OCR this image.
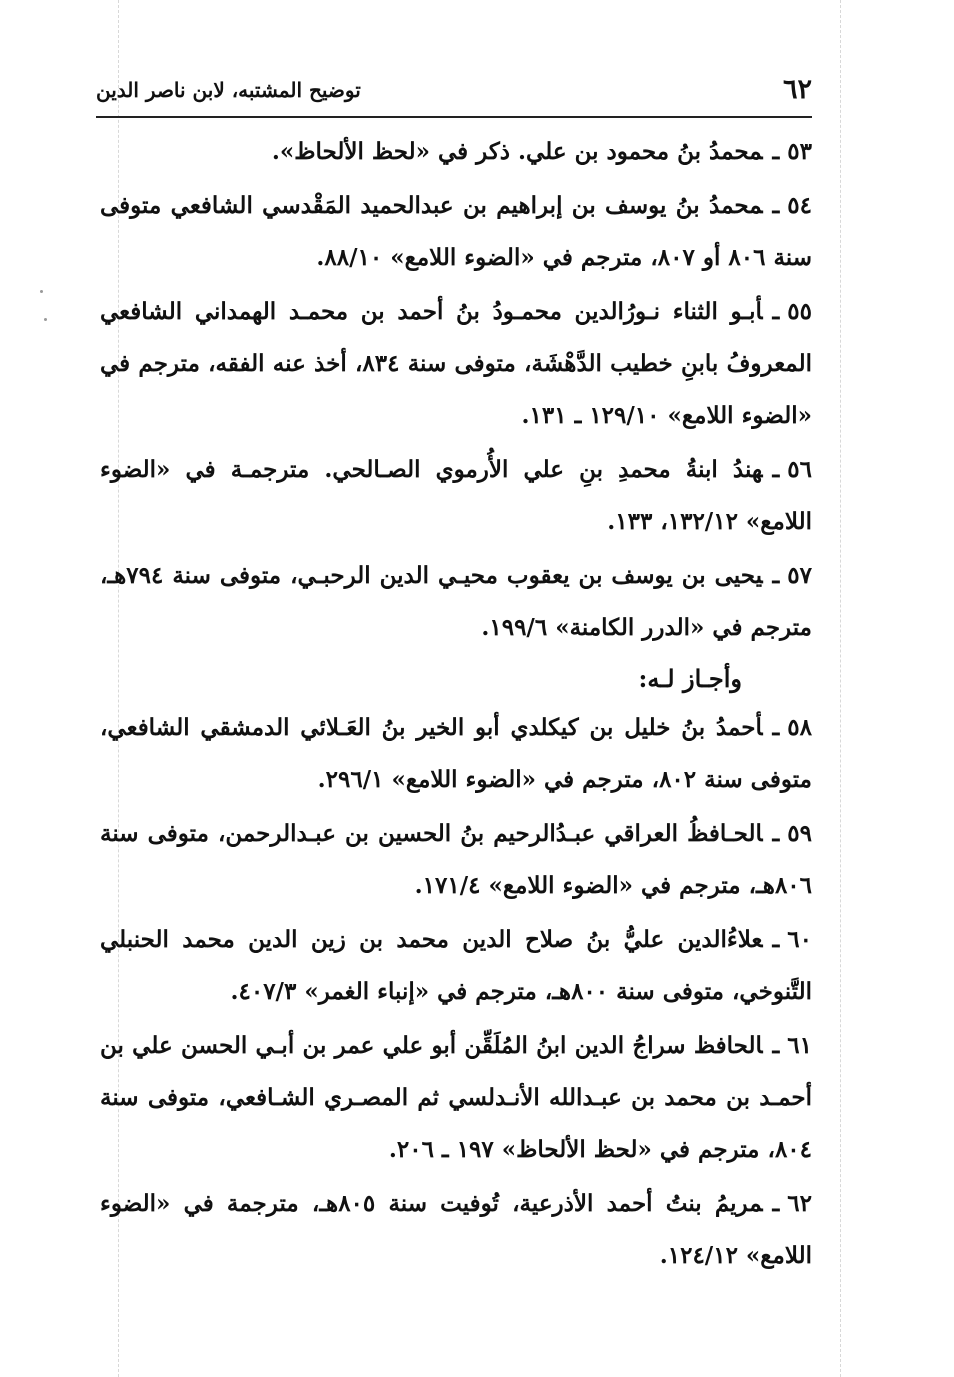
٦٢
توضيح المشتبه، لابن ناصر الدين

٥٣ـمحمدُ بنُ محمود بن علي. ذكر في «لحظ الألحاظ».

٥٤ـمحمدُ بنُ يوسف بن إبراهيم بن عبدالحميد المَقْدسي الشافعي متوفى سنة ٨٠٦ أو ٨٠٧، مترجم في «الضوء اللامع» ٨٨/١٠.

٥٥ـأبـو الثناء نـورُالدين محمـودُ بنُ أحمد بن محمـد الهمداني الشافعي المعروفُ بابنِ خطيب الدَّهْشَة، متوفى سنة ٨٣٤، أخذ عنه الفقه، مترجم في «الضوء اللامع» ١٢٩/١٠ ـ ١٣١.

٥٦ـهندُ ابنةُ محمدِ بنِ علي الأُرموي الصـالحي. مترجمـة في «الضوء اللامع» ١٣٢/١٢، ١٣٣.

٥٧ـيحيى بن يوسف بن يعقوب محيـي الدين الرحبـي، متوفى سنة ٧٩٤هـ، مترجم في «الدرر الكامنة» ١٩٩/٦.

وأجـاز لـه:

٥٨ـأحمدُ بنُ خليل بن كيكلدي أبو الخير بنُ العَـلائي الدمشقي الشافعي، متوفى سنة ٨٠٢، مترجم في «الضوء اللامع» ٢٩٦/١.

٥٩ـالحـافظُ العراقي عبـدُالرحيم بنُ الحسين بن عبـدالرحمن، متوفى سنة ٨٠٦هـ، مترجم في «الضوء اللامع» ١٧١/٤.

٦٠ـعلاءُالدين عليُّ بنُ صلاح الدين محمد بن زين الدين محمد الحنبلي التَّنوخي، متوفى سنة ٨٠٠هـ، مترجم في «إنباء الغمر» ٤٠٧/٣.

٦١ـالحافظ سراجُ الدين ابنُ المُلَقِّن أبو علي عمر بن أبـي الحسن علي بن أحمـد بن محمد بن عبـدالله الأنـدلسي ثم المصـري الشـافعي، متوفى سنة ٨٠٤، مترجم في «لحظ الألحاظ» ١٩٧ ـ ٢٠٦.

٦٢ـمريمُ بنتُ أحمد الأذرعية، تُوفيت سنة ٨٠٥هـ، مترجمة في «الضوء اللامع» ١٢٤/١٢.
